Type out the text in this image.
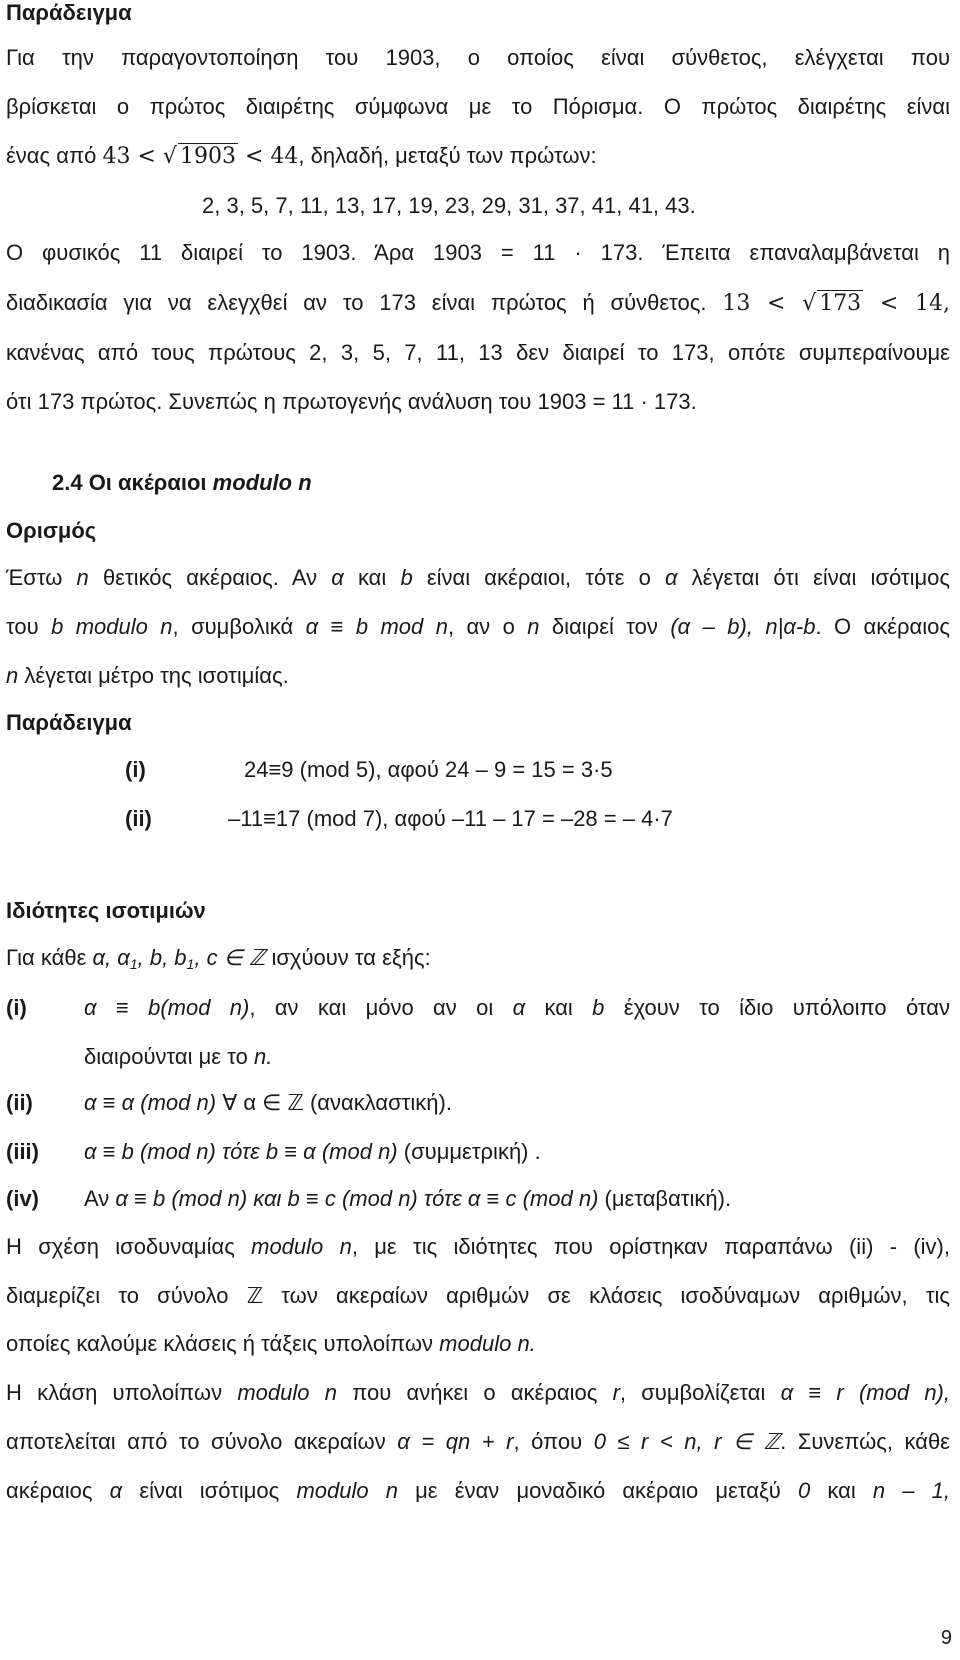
Παράδειγμα
Για την παραγοντοποίηση του 1903, ο οποίος είναι σύνθετος, ελέγχεται που
βρίσκεται ο πρώτος διαιρέτης σύμφωνα με το Πόρισμα. Ο πρώτος διαιρέτης είναι
ένας από 43 < √ 1903 < 44, δηλαδή, μεταξύ των πρώτων:
2, 3, 5, 7, 11, 13, 17, 19, 23, 29, 31, 37, 41, 41, 43.
Ο φυσικός 11 διαιρεί το 1903. Άρα 1903 = 11 · 173. Έπειτα επαναλαμβάνεται η
διαδικασία για να ελεγχθεί αν το 173 είναι πρώτος ή σύνθετος. 13 < √ 173 < 14,
κανένας από τους πρώτους 2, 3, 5, 7, 11, 13 δεν διαιρεί το 173, οπότε συμπεραίνουμε
ότι 173 πρώτος. Συνεπώς η πρωτογενής ανάλυση του 1903 = 11 · 173.
2.4 Οι ακέραιοι modulo n
Ορισμός
Έστω n θετικός ακέραιος. Αν α και b είναι ακέραιοι, τότε ο α λέγεται ότι είναι ισότιμος
του b modulo n, συμβολικά α ≡ b mod n, αν ο n διαιρεί τον (α – b), n|α-b. Ο ακέραιος
n λέγεται μέτρο της ισοτιμίας.
Παράδειγμα
(i)	24≡9 (mod 5), αφού 24 – 9 = 15 = 3·5
(ii)	–11≡17 (mod 7), αφού –11 – 17 = –28 = – 4·7
Ιδιότητες ισοτιμιών
Για κάθε α, $\alpha_1$, b, $b_1$, c ∈ ℤ ισχύουν τα εξής:
(i)	α ≡ b(mod n), αν και μόνο αν οι α και b έχουν το ίδιο υπόλοιπο όταν
διαιρούνται με το n.
(ii) α ≡ α (mod n) ∀ α ∈ ℤ (ανακλαστική).
(iii) α ≡ b (mod n) τότε b ≡ α (mod n) (συμμετρική) .
(iv) Αν α ≡ b (mod n) και b ≡ c (mod n) τότε α ≡ c (mod n) (μεταβατική).
Η σχέση ισοδυναμίας modulo n, με τις ιδιότητες που ορίστηκαν παραπάνω (ii) - (iv),
διαμερίζει το σύνολο ℤ των ακεραίων αριθμών σε κλάσεις ισοδύναμων αριθμών, τις
οποίες καλούμε κλάσεις ή τάξεις υπολοίπων modulo n.
Η κλάση υπολοίπων modulo n που ανήκει ο ακέραιος r, συμβολίζεται α ≡ r (mod n),
αποτελείται από το σύνολο ακεραίων α = qn + r, όπου 0 ≤ r < n, r ∈ ℤ. Συνεπώς, κάθε
ακέραιος α είναι ισότιμος modulo n με έναν μοναδικό ακέραιο μεταξύ 0 και n – 1,
9
